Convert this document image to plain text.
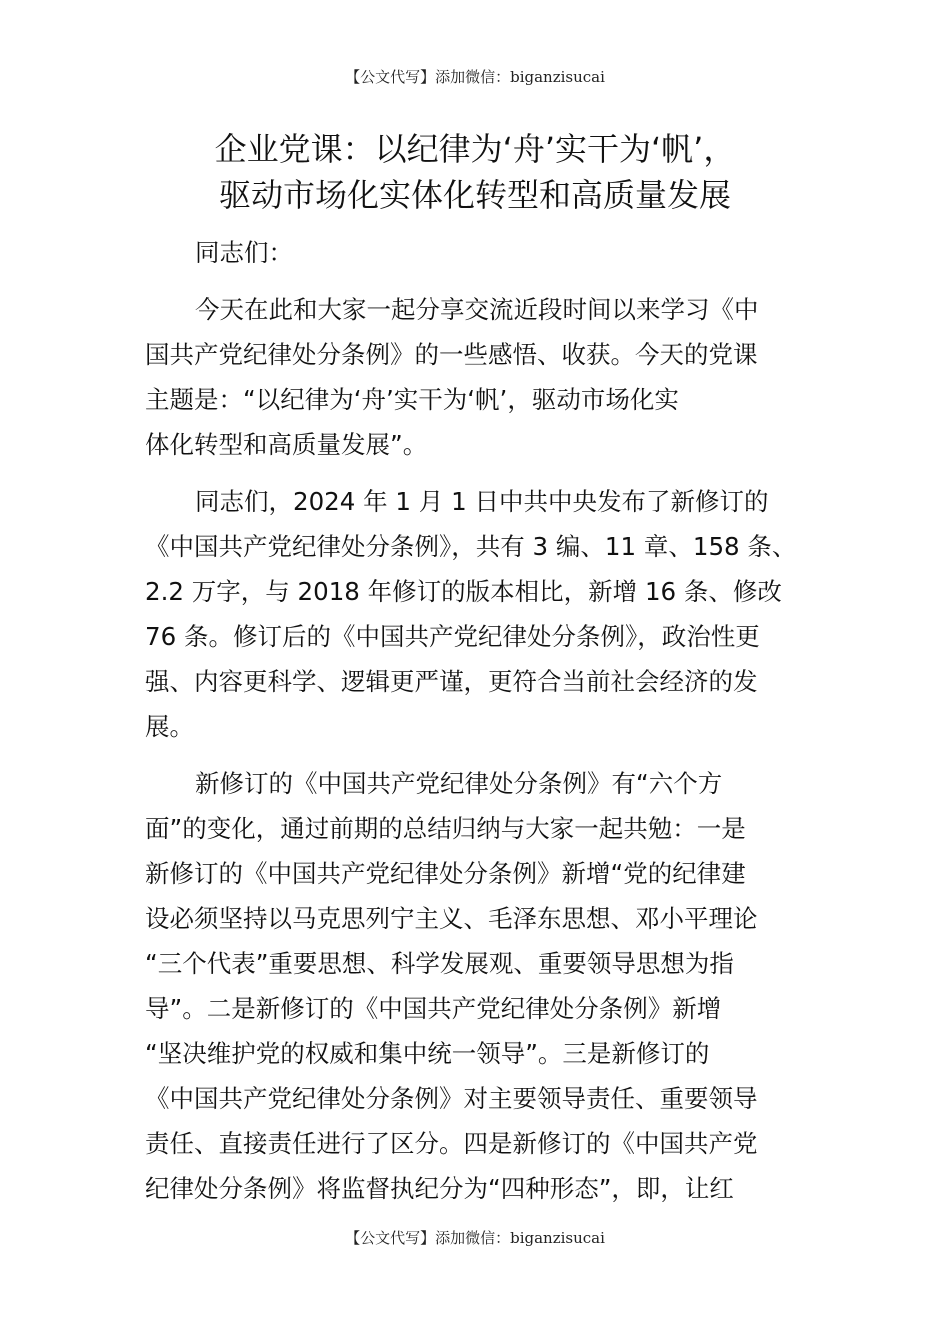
【公文代写】添加微信：biganzisucai
企业党课：以纪律为‘舟’实干为‘帆’，
驱动市场化实体化转型和高质量发展
同志们：
今天在此和大家一起分享交流近段时间以来学习《中
国共产党纪律处分条例》的一些感悟、收获。今天的党课
主题是：“以纪律为‘舟’实干为‘帆’，驱动市场化实
体化转型和高质量发展”。
同志们，2024 年 1 月 1 日中共中央发布了新修订的
《中国共产党纪律处分条例》，共有 3 编、11 章、158 条、
2.2 万字，与 2018 年修订的版本相比，新增 16 条、修改
76 条。修订后的《中国共产党纪律处分条例》，政治性更
强、内容更科学、逻辑更严谨，更符合当前社会经济的发
展。
新修订的《中国共产党纪律处分条例》有“六个方
面”的变化，通过前期的总结归纳与大家一起共勉：一是
新修订的《中国共产党纪律处分条例》新增“党的纪律建
设必须坚持以马克思列宁主义、毛泽东思想、邓小平理论
“三个代表”重要思想、科学发展观、重要领导思想为指
导”。二是新修订的《中国共产党纪律处分条例》新增
“坚决维护党的权威和集中统一领导”。三是新修订的
《中国共产党纪律处分条例》对主要领导责任、重要领导
责任、直接责任进行了区分。四是新修订的《中国共产党
纪律处分条例》将监督执纪分为“四种形态”，即，让红
【公文代写】添加微信：biganzisucai
